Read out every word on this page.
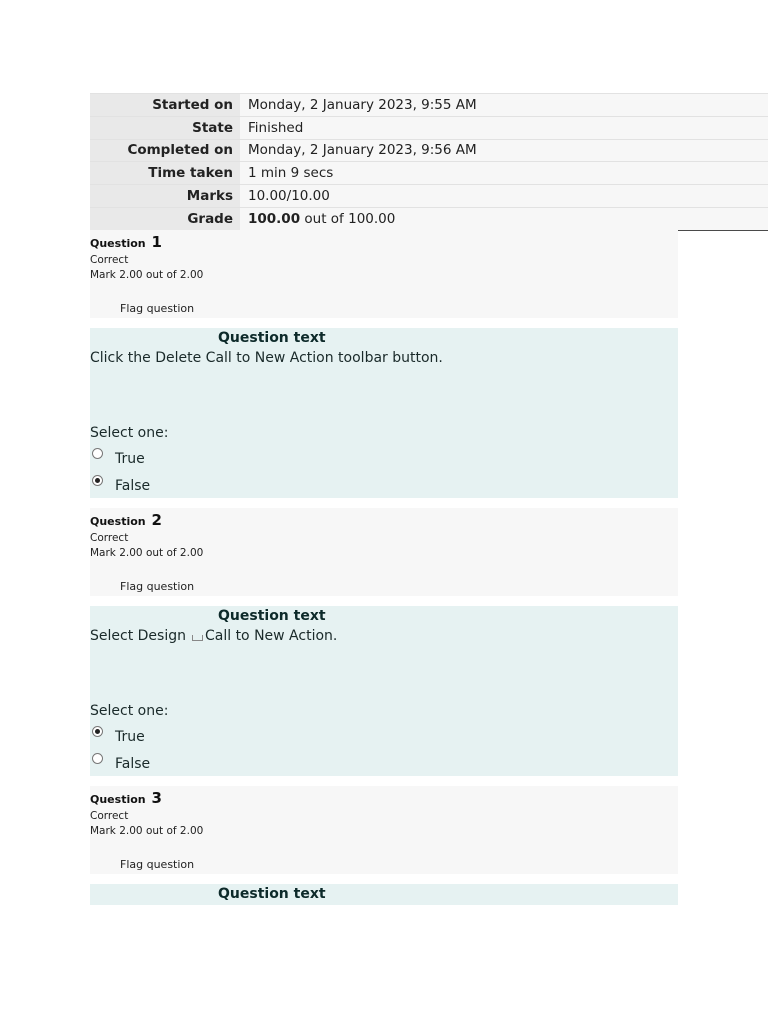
Started on	Monday, 2 January 2023, 9:55 AM
State	Finished
Completed on	Monday, 2 January 2023, 9:56 AM
Time taken	1 min 9 secs
Marks	10.00/10.00
Grade	100.00 out of 100.00
Question 1
Correct
Mark 2.00 out of 2.00
Flag question
Question text
Click the Delete Call to New Action toolbar button.
Select one:
True
False
Question 2
Correct
Mark 2.00 out of 2.00
Flag question
Question text
Select Design Call to New Action.
Select one:
True
False
Question 3
Correct
Mark 2.00 out of 2.00
Flag question
Question text
